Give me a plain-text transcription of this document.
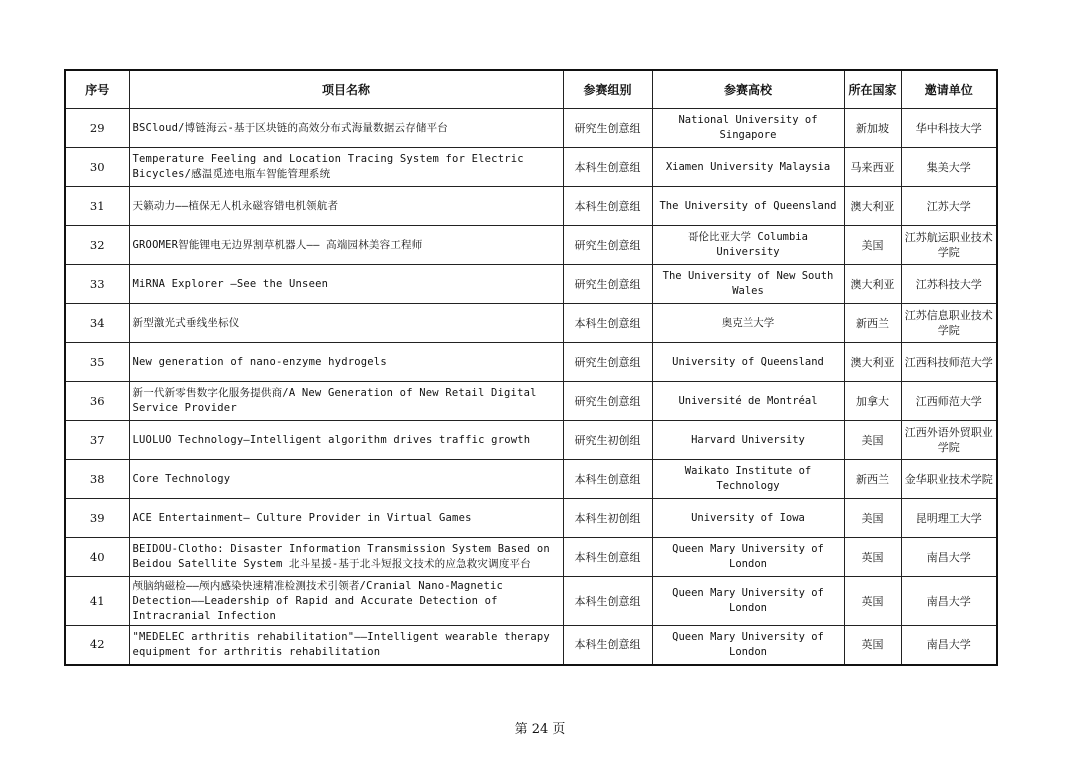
序号	项目名称	参赛组别	参赛高校	所在国家	邀请单位
29	BSCloud/博链海云-基于区块链的高效分布式海量数据云存储平台	研究生创意组	National University of Singapore	新加坡	华中科技大学
30	Temperature Feeling and Location Tracing System for Electric Bicycles/感温觅迹电瓶车智能管理系统	本科生创意组	Xiamen University Malaysia	马来西亚	集美大学
31	天籁动力——植保无人机永磁容错电机领航者	本科生创意组	The University of Queensland	澳大利亚	江苏大学
32	GROOMER智能锂电无边界割草机器人—— 高端园林美容工程师	研究生创意组	哥伦比亚大学 Columbia University	美国	江苏航运职业技术学院
33	MiRNA Explorer —See the Unseen	研究生创意组	The University of New South Wales	澳大利亚	江苏科技大学
34	新型激光式垂线坐标仪	本科生创意组	奥克兰大学	新西兰	江苏信息职业技术学院
35	New generation of nano-enzyme hydrogels	研究生创意组	University of Queensland	澳大利亚	江西科技师范大学
36	新一代新零售数字化服务提供商/A New Generation of New Retail Digital Service Provider	研究生创意组	Université de Montréal	加拿大	江西师范大学
37	LUOLUO Technology—Intelligent algorithm drives traffic growth	研究生初创组	Harvard University	美国	江西外语外贸职业学院
38	Core Technology	本科生创意组	Waikato Institute of Technology	新西兰	金华职业技术学院
39	ACE Entertainment— Culture Provider in Virtual Games	本科生初创组	University of Iowa	美国	昆明理工大学
40	BEIDOU-Clotho: Disaster Information Transmission System Based on Beidou Satellite System 北斗星援-基于北斗短报文技术的应急救灾调度平台	本科生创意组	Queen Mary University of London	英国	南昌大学
41	颅脑纳磁检——颅内感染快速精准检测技术引领者/Cranial Nano-Magnetic Detection——Leadership of Rapid and Accurate Detection of Intracranial Infection	本科生创意组	Queen Mary University of London	英国	南昌大学
42	"MEDELEC arthritis rehabilitation"——Intelligent wearable therapy equipment for arthritis rehabilitation	本科生创意组	Queen Mary University of London	英国	南昌大学
第 24 页
